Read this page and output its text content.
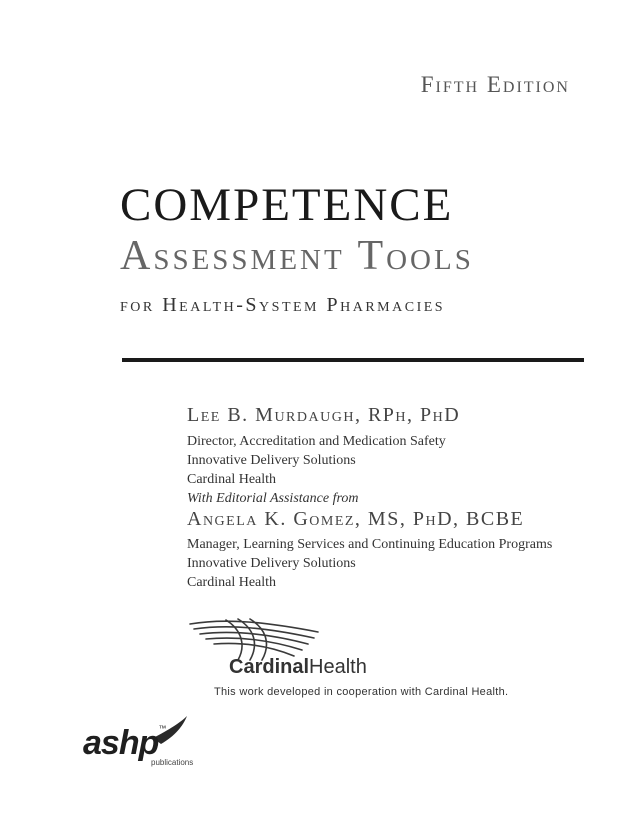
Fifth Edition
COMPETENCE
Assessment Tools
for Health-System Pharmacies
Lee B. Murdaugh, RPh, PhD
Director, Accreditation and Medication Safety
Innovative Delivery Solutions
Cardinal Health
With Editorial Assistance from
Angela K. Gomez, MS, PhD, BCBE
Manager, Learning Services and Continuing Education Programs
Innovative Delivery Solutions
Cardinal Health
CardinalHealth
This work developed in cooperation with Cardinal Health.
ashp™
publications
